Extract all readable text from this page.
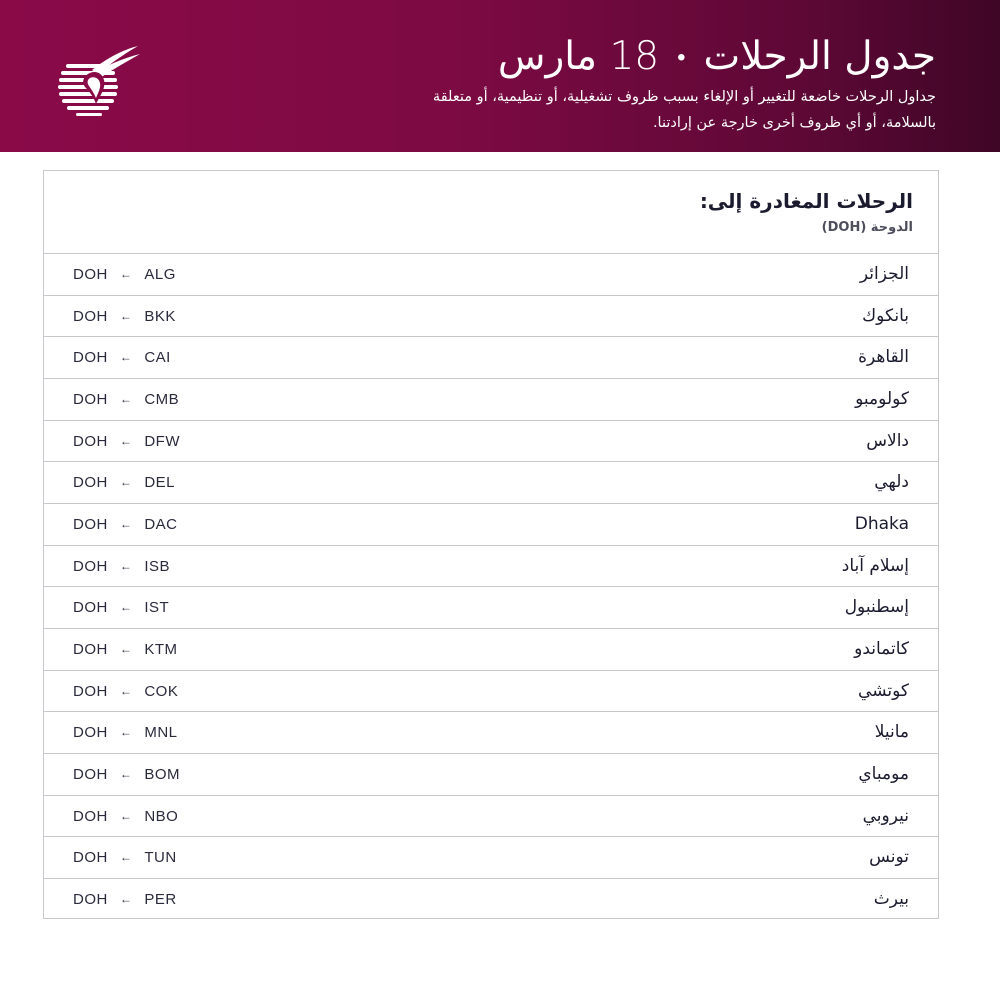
جدول الرحلات
•
18 مارس
جداول الرحلات خاضعة للتغيير أو الإلغاء بسبب ظروف تشغيلية، أو تنظيمية، أو متعلقة بالسلامة، أو أي ظروف أخرى خارجة عن إرادتنا.
الرحلات المغادرة إلى:
الدوحة (DOH)
الجزائر
DOH ← ALG
بانكوك
DOH ← BKK
القاهرة
DOH ← CAI
كولومبو
DOH ← CMB
دالاس
DOH ← DFW
دلهي
DOH ← DEL
Dhaka
DOH ← DAC
إسلام آباد
DOH ← ISB
إسطنبول
DOH ← IST
كاتماندو
DOH ← KTM
كوتشي
DOH ← COK
مانيلا
DOH ← MNL
مومباي
DOH ← BOM
نيروبي
DOH ← NBO
تونس
DOH ← TUN
بيرث
DOH ← PER
